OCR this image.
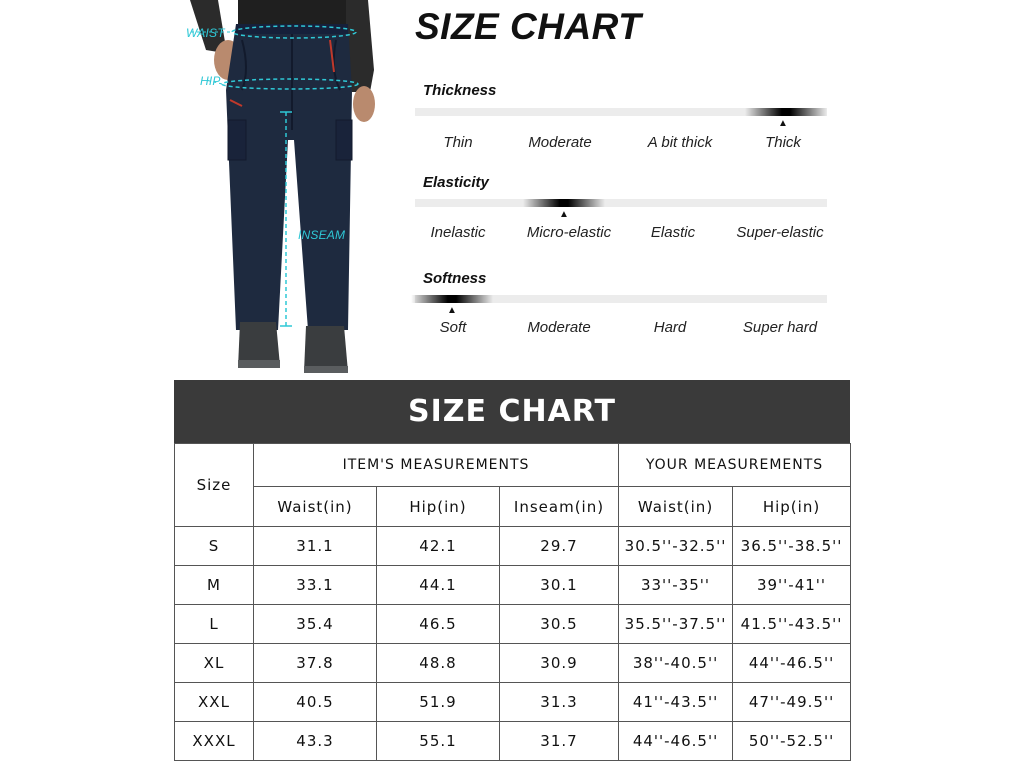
WAIST
HIP
INSEAM
SIZE CHART
Thickness
▲
Thin	Moderate	A bit thick	Thick
Elasticity
▲
Inelastic	Micro-elastic	Elastic	Super-elastic
Softness
▲
Soft	Moderate	Hard	Super hard
SIZE CHART
Size	ITEM'S MEASUREMENTS			YOUR MEASUREMENTS	
	Waist(in)	Hip(in)	Inseam(in)	Waist(in)	Hip(in)
S	31.1	42.1	29.7	30.5''-32.5''	36.5''-38.5''
M	33.1	44.1	30.1	33''-35''	39''-41''
L	35.4	46.5	30.5	35.5''-37.5''	41.5''-43.5''
XL	37.8	48.8	30.9	38''-40.5''	44''-46.5''
XXL	40.5	51.9	31.3	41''-43.5''	47''-49.5''
XXXL	43.3	55.1	31.7	44''-46.5''	50''-52.5''
